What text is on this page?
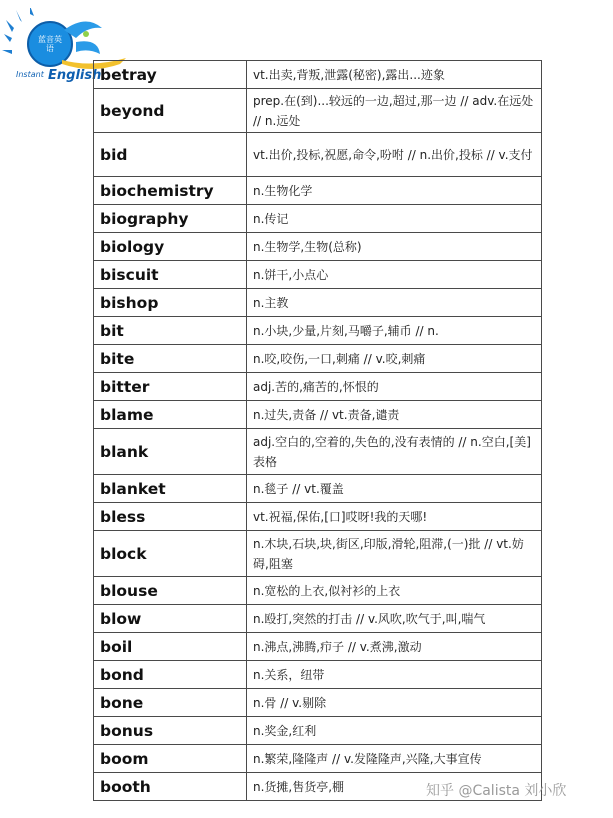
蓝音英语
Instant English
betray	vt.出卖,背叛,泄露(秘密),露出...迹象
beyond	prep.在(到)...较远的一边,超过,那一边 // adv.在远处 // n.远处
bid	vt.出价,投标,祝愿,命令,吩咐 // n.出价,投标 // v.支付
biochemistry	n.生物化学
biography	n.传记
biology	n.生物学,生物(总称)
biscuit	n.饼干,小点心
bishop	n.主教
bit	n.小块,少量,片刻,马嚼子,辅币 // n.
bite	n.咬,咬伤,一口,刺痛 // v.咬,刺痛
bitter	adj.苦的,痛苦的,怀恨的
blame	n.过失,责备 // vt.责备,谴责
blank	adj.空白的,空着的,失色的,没有表情的 // n.空白,[美] 表格
blanket	n.毯子 // vt.覆盖
bless	vt.祝福,保佑,[口]哎呀!我的天哪!
block	n.木块,石块,块,街区,印版,滑轮,阻滞,(一)批 // vt.妨碍,阻塞
blouse	n.宽松的上衣,似衬衫的上衣
blow	n.殴打,突然的打击 // v.风吹,吹气于,叫,喘气
boil	n.沸点,沸腾,疖子 // v.煮沸,激动
bond	n.关系，纽带
bone	n.骨 // v.剔除
bonus	n.奖金,红利
boom	n.繁荣,隆隆声 // v.发隆隆声,兴隆,大事宣传
booth	n.货摊,售货亭,棚	知乎 @Calista 刘小欣
